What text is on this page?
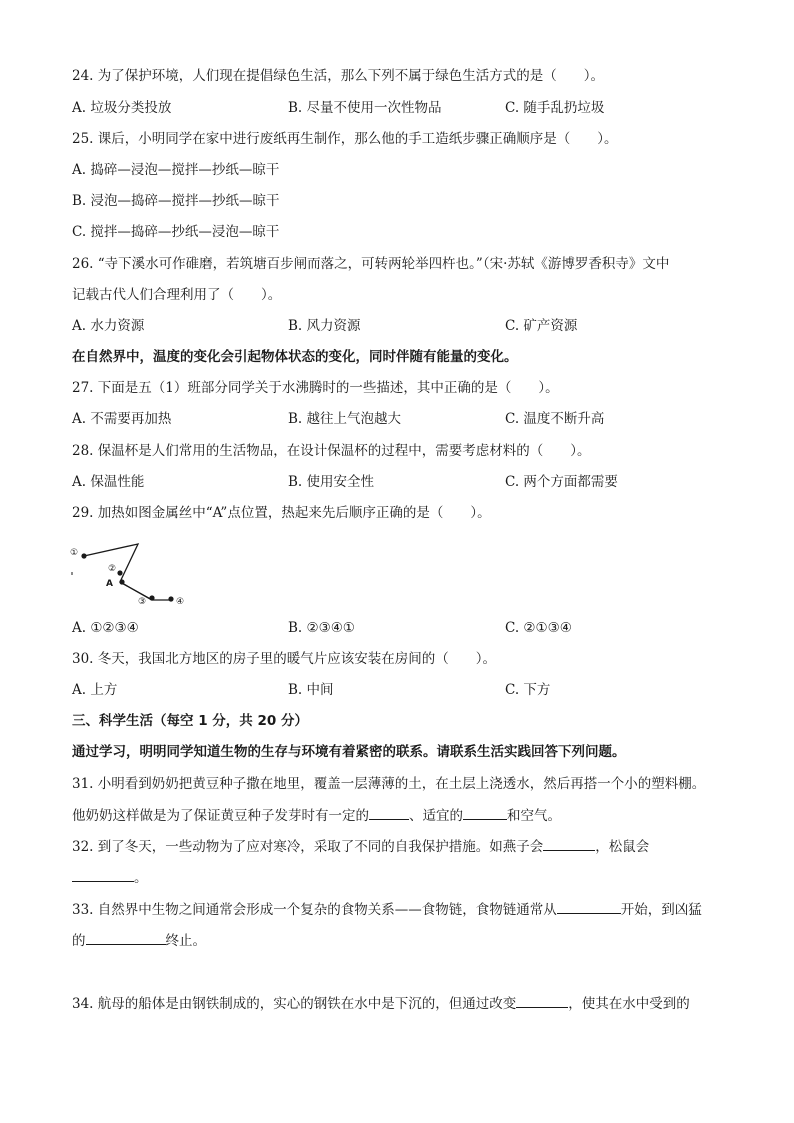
24. 为了保护环境，人们现在提倡绿色生活，那么下列不属于绿色生活方式的是（　　）。
A. 垃圾分类投放	B. 尽量不使用一次性物品	C. 随手乱扔垃圾
25. 课后，小明同学在家中进行废纸再生制作，那么他的手工造纸步骤正确顺序是（　　）。
A. 捣碎—浸泡—搅拌—抄纸—晾干
B. 浸泡—捣碎—搅拌—抄纸—晾干
C. 搅拌—捣碎—抄纸—浸泡—晾干
26. “寺下溪水可作碓磨，若筑塘百步闸而落之，可转两轮举四杵也。”（宋·苏轼《游博罗香积寺》文中
记载古代人们合理利用了（　　）。
A. 水力资源	B. 风力资源	C. 矿产资源
在自然界中，温度的变化会引起物体状态的变化，同时伴随有能量的变化。
27. 下面是五（1）班部分同学关于水沸腾时的一些描述，其中正确的是（　　）。
A. 不需要再加热	B. 越往上气泡越大	C. 温度不断升高
28. 保温杯是人们常用的生活物品，在设计保温杯的过程中，需要考虑材料的（　　）。
A. 保温性能	B. 使用安全性	C. 两个方面都需要
29. 加热如图金属丝中“A”点位置，热起来先后顺序正确的是（　　）。
①
②
A
③	④
A. ①②③④	B. ②③④①	C. ②①③④
30. 冬天，我国北方地区的房子里的暖气片应该安装在房间的（　　）。
A. 上方	B. 中间	C. 下方
三、科学生活（每空 1 分，共 20 分）
通过学习，明明同学知道生物的生存与环境有着紧密的联系。请联系生活实践回答下列问题。
31. 小明看到奶奶把黄豆种子撒在地里，覆盖一层薄薄的土，在土层上浇透水，然后再搭一个小的塑料棚。
他奶奶这样做是为了保证黄豆种子发芽时有一定的	、适宜的	和空气。
32. 到了冬天，一些动物为了应对寒冷，采取了不同的自我保护措施。如燕子会	，松鼠会
。
33. 自然界中生物之间通常会形成一个复杂的食物关系——食物链，食物链通常从	开始，到凶猛
的	终止。
34. 航母的船体是由钢铁制成的，实心的钢铁在水中是下沉的，但通过改变	，使其在水中受到的
